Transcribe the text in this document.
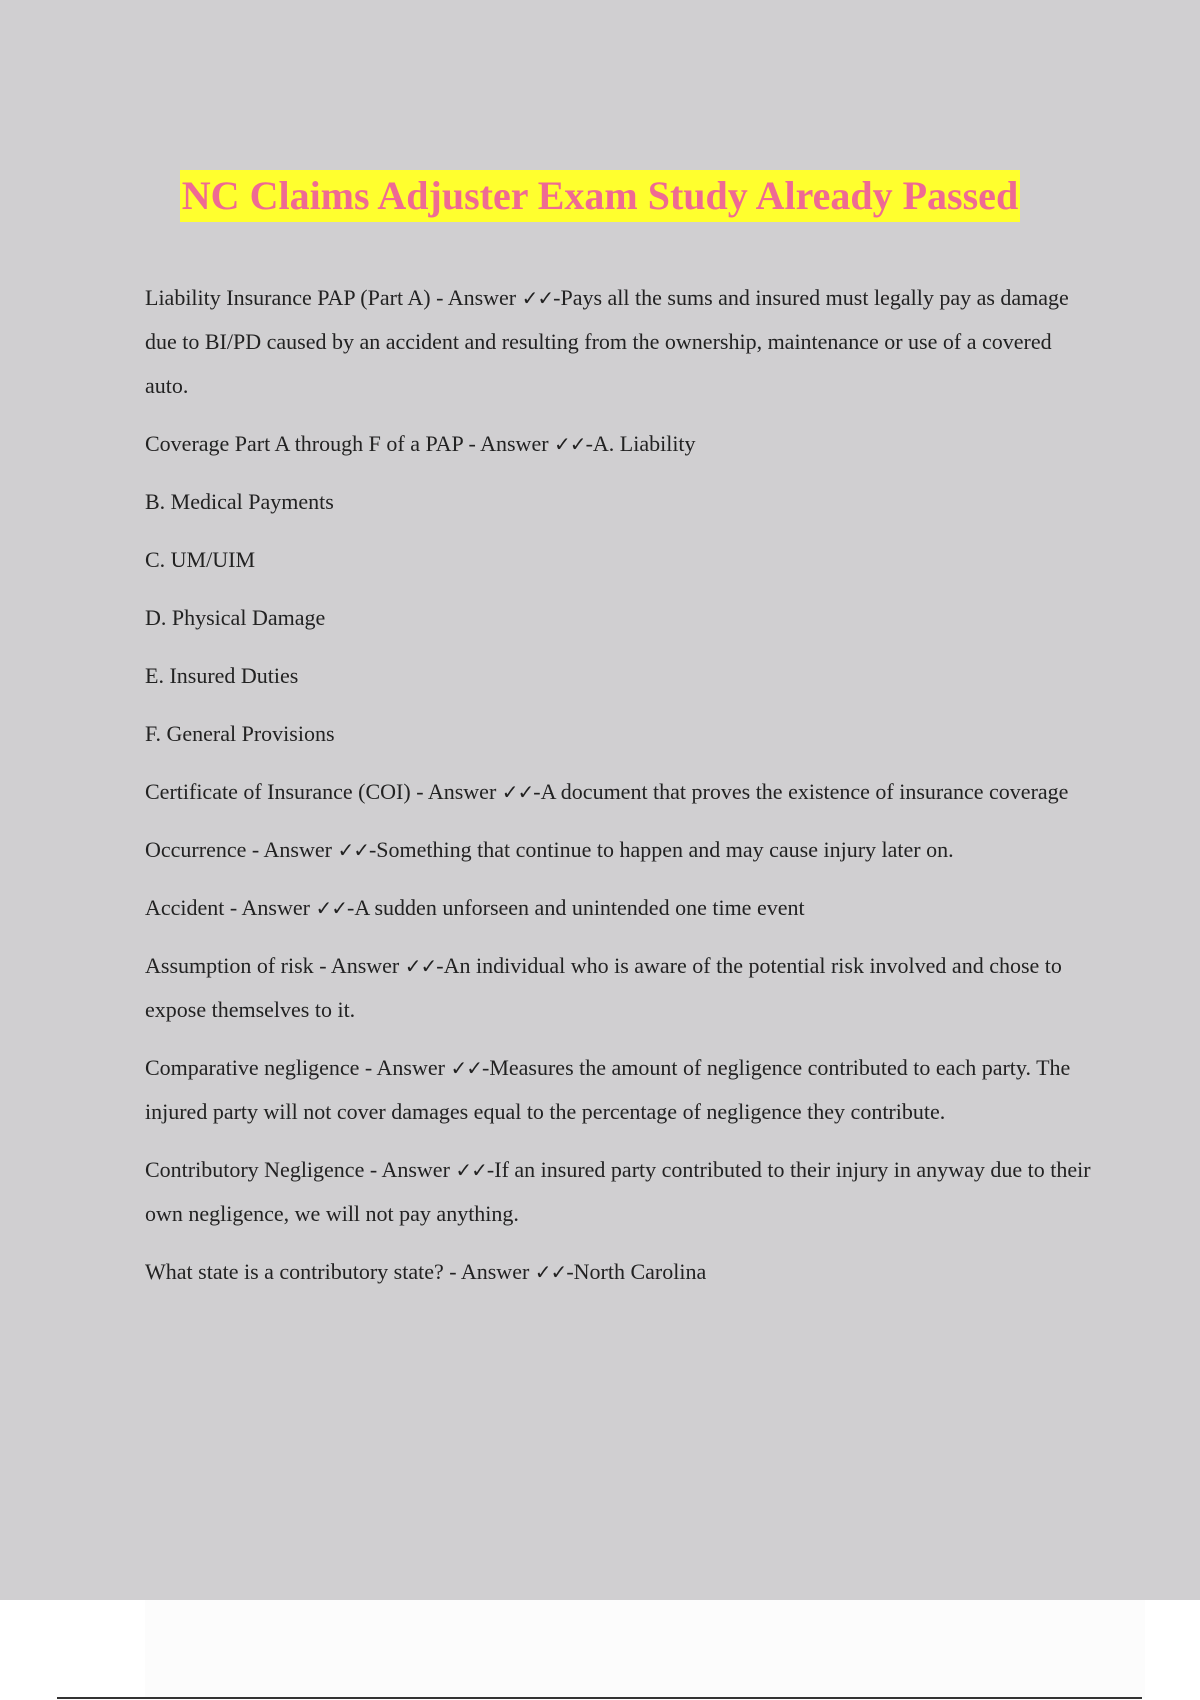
NC Claims Adjuster Exam Study Already Passed

Liability Insurance PAP (Part A) - Answer ✓✓-Pays all the sums and insured must legally pay as damage due to BI/PD caused by an accident and resulting from the ownership, maintenance or use of a covered auto.

Coverage Part A through F of a PAP - Answer ✓✓-A. Liability

B. Medical Payments

C. UM/UIM

D. Physical Damage

E. Insured Duties

F. General Provisions

Certificate of Insurance (COI) - Answer ✓✓-A document that proves the existence of insurance coverage

Occurrence - Answer ✓✓-Something that continue to happen and may cause injury later on.

Accident - Answer ✓✓-A sudden unforseen and unintended one time event

Assumption of risk - Answer ✓✓-An individual who is aware of the potential risk involved and chose to expose themselves to it.

Comparative negligence - Answer ✓✓-Measures the amount of negligence contributed to each party. The injured party will not cover damages equal to the percentage of negligence they contribute.

Contributory Negligence - Answer ✓✓-If an insured party contributed to their injury in anyway due to their own negligence, we will not pay anything.

What state is a contributory state? - Answer ✓✓-North Carolina
